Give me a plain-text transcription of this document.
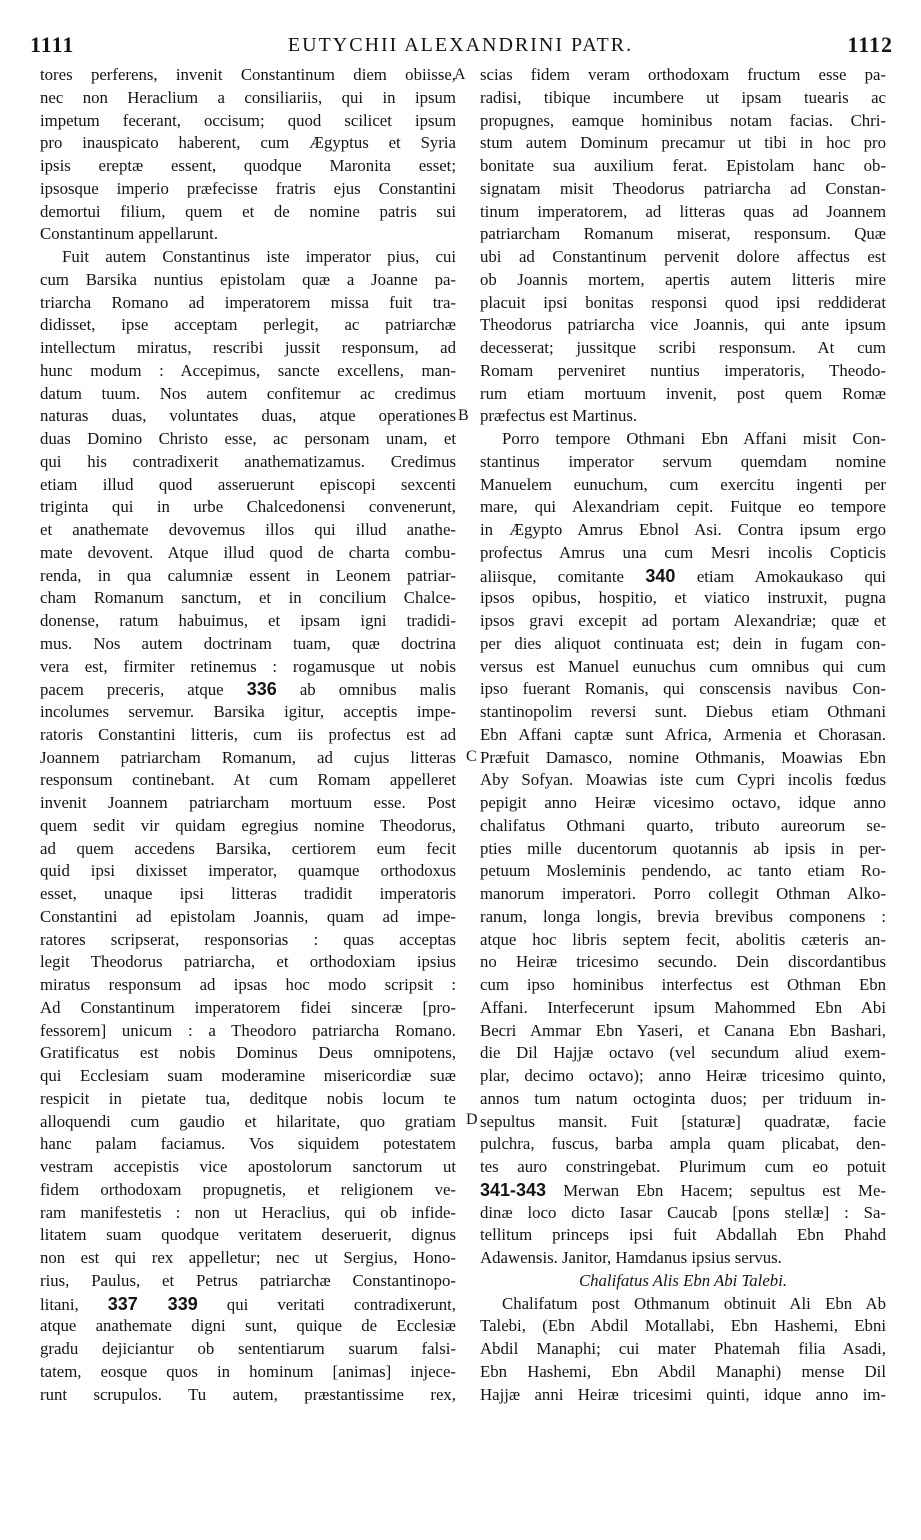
1111	EUTYCHII ALEXANDRINI PATR.	1112
tores perferens, invenit Constantinum diem obiisse,
nec non Heraclium a consiliariis, qui in ipsum
impetum fecerant, occisum; quod scilicet ipsum
pro inauspicato haberent, cum Ægyptus et Syria
ipsis ereptæ essent, quodque Maronita esset;
ipsosque imperio præfecisse fratris ejus Constantini
demortui filium, quem et de nomine patris sui
Constantinum appellarunt.
Fuit autem Constantinus iste imperator pius, cui
cum Barsika nuntius epistolam quæ a Joanne pa-
triarcha Romano ad imperatorem missa fuit tra-
didisset, ipse acceptam perlegit, ac patriarchæ
intellectum miratus, rescribi jussit responsum, ad
hunc modum : Accepimus, sancte excellens, man-
datum tuum. Nos autem confitemur ac credimus
naturas duas, voluntates duas, atque operationes
duas Domino Christo esse, ac personam unam, et
qui his contradixerit anathematizamus. Credimus
etiam illud quod asseruerunt episcopi sexcenti
triginta qui in urbe Chalcedonensi convenerunt,
et anathemate devovemus illos qui illud anathe-
mate devovent. Atque illud quod de charta combu-
renda, in qua calumniæ essent in Leonem patriar-
cham Romanum sanctum, et in concilium Chalce-
donense, ratum habuimus, et ipsam igni tradidi-
mus. Nos autem doctrinam tuam, quæ doctrina
vera est, firmiter retinemus : rogamusque ut nobis
pacem preceris, atque 336 ab omnibus malis
incolumes servemur. Barsika igitur, acceptis impe-
ratoris Constantini litteris, cum iis profectus est ad
Joannem patriarcham Romanum, ad cujus litteras
responsum continebant. At cum Romam appelleret
invenit Joannem patriarcham mortuum esse. Post
quem sedit vir quidam egregius nomine Theodorus,
ad quem accedens Barsika, certiorem eum fecit
quid ipsi dixisset imperator, quamque orthodoxus
esset, unaque ipsi litteras tradidit imperatoris
Constantini ad epistolam Joannis, quam ad impe-
ratores scripserat, responsorias : quas acceptas
legit Theodorus patriarcha, et orthodoxiam ipsius
miratus responsum ad ipsas hoc modo scripsit :
Ad Constantinum imperatorem fidei sinceræ [pro-
fessorem] unicum : a Theodoro patriarcha Romano.
Gratificatus est nobis Dominus Deus omnipotens,
qui Ecclesiam suam moderamine misericordiæ suæ
respicit in pietate tua, deditque nobis locum te
alloquendi cum gaudio et hilaritate, quo gratiam
hanc palam faciamus. Vos siquidem potestatem
vestram accepistis vice apostolorum sanctorum ut
fidem orthodoxam propugnetis, et religionem ve-
ram manifestetis : non ut Heraclius, qui ob infide-
litatem suam quodque veritatem deseruerit, dignus
non est qui rex appelletur; nec ut Sergius, Hono-
rius, Paulus, et Petrus patriarchæ Constantinopo-
litani, 337 339 qui veritati contradixerunt,
atque anathemate digni sunt, quique de Ecclesiæ
gradu dejiciantur ob sententiarum suarum falsi-
tatem, eosque quos in hominum [animas] injece-
runt scrupulos. Tu autem, præstantissime rex,
scias fidem veram orthodoxam fructum esse pa-
radisi, tibique incumbere ut ipsam tuearis ac
propugnes, eamque hominibus notam facias. Chri-
stum autem Dominum precamur ut tibi in hoc pro
bonitate sua auxilium ferat. Epistolam hanc ob-
signatam misit Theodorus patriarcha ad Constan-
tinum imperatorem, ad litteras quas ad Joannem
patriarcham Romanum miserat, responsum. Quæ
ubi ad Constantinum pervenit dolore affectus est
ob Joannis mortem, apertis autem litteris mire
placuit ipsi bonitas responsi quod ipsi reddiderat
Theodorus patriarcha vice Joannis, qui ante ipsum
decesserat; jussitque scribi responsum. At cum
Romam perveniret nuntius imperatoris, Theodo-
rum etiam mortuum invenit, post quem Romæ
præfectus est Martinus.
Porro tempore Othmani Ebn Affani misit Con-
stantinus imperator servum quemdam nomine
Manuelem eunuchum, cum exercitu ingenti per
mare, qui Alexandriam cepit. Fuitque eo tempore
in Ægypto Amrus Ebnol Asi. Contra ipsum ergo
profectus Amrus una cum Mesri incolis Copticis
aliisque, comitante 340 etiam Amokaukaso qui
ipsos opibus, hospitio, et viatico instruxit, pugna
ipsos gravi excepit ad portam Alexandriæ; quæ et
per dies aliquot continuata est; dein in fugam con-
versus est Manuel eunuchus cum omnibus qui cum
ipso fuerant Romanis, qui conscensis navibus Con-
stantinopolim reversi sunt. Diebus etiam Othmani
Ebn Affani captæ sunt Africa, Armenia et Chorasan.
Præfuit Damasco, nomine Othmanis, Moawias Ebn
Aby Sofyan. Moawias iste cum Cypri incolis fœdus
pepigit anno Heiræ vicesimo octavo, idque anno
chalifatus Othmani quarto, tributo aureorum se-
pties mille ducentorum quotannis ab ipsis in per-
petuum Mosleminis pendendo, ac tanto etiam Ro-
manorum imperatori. Porro collegit Othman Alko-
ranum, longa longis, brevia brevibus componens :
atque hoc libris septem fecit, abolitis cæteris an-
no Heiræ tricesimo secundo. Dein discordantibus
cum ipso hominibus interfectus est Othman Ebn
Affani. Interfecerunt ipsum Mahommed Ebn Abi
Becri Ammar Ebn Yaseri, et Canana Ebn Bashari,
die Dil Hajjæ octavo (vel secundum aliud exem-
plar, decimo octavo); anno Heiræ tricesimo quinto,
annos tum natum octoginta duos; per triduum in-
sepultus mansit. Fuit [staturæ] quadratæ, facie
pulchra, fuscus, barba ampla quam plicabat, den-
tes auro constringebat. Plurimum cum eo potuit
341-343 Merwan Ebn Hacem; sepultus est Me-
dinæ loco dicto Iasar Caucab [pons stellæ] : Sa-
tellitum princeps ipsi fuit Abdallah Ebn Phahd
Adawensis. Janitor, Hamdanus ipsius servus.
Chalifatus Alis Ebn Abi Talebi.
Chalifatum post Othmanum obtinuit Ali Ebn Ab
Talebi, (Ebn Abdil Motallabi, Ebn Hashemi, Ebni
Abdil Manaphi; cui mater Phatemah filia Asadi,
Ebn Hashemi, Ebn Abdil Manaphi) mense Dil
Hajjæ anni Heiræ tricesimi quinti, idque anno im-
A
B
C
D
